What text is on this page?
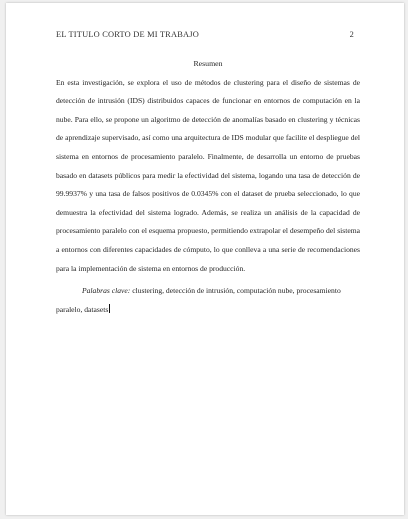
EL TITULO CORTO DE MI TRABAJO	2

Resumen

En esta investigación, se explora el uso de métodos de clustering para el diseño de sistemas de detección de intrusión (IDS) distribuidos capaces de funcionar en entornos de computación en la nube. Para ello, se propone un algoritmo de detección de anomalías basado en clustering y técnicas de aprendizaje supervisado, así como una arquitectura de IDS modular que facilite el despliegue del sistema en entornos de procesamiento paralelo. Finalmente, de desarrolla un entorno de pruebas basado en datasets públicos para medir la efectividad del sistema, logando una tasa de detección de 99.9937% y una tasa de falsos positivos de 0.0345% con el dataset de prueba seleccionado, lo que demuestra la efectividad del sistema logrado. Además, se realiza un análisis de la capacidad de procesamiento paralelo con el esquema propuesto, permitiendo extrapolar el desempeño del sistema a entornos con diferentes capacidades de cómputo, lo que conlleva a una serie de recomendaciones para la implementación de sistema en entornos de producción.

Palabras clave: clustering, detección de intrusión, computación nube, procesamiento paralelo, datasets
